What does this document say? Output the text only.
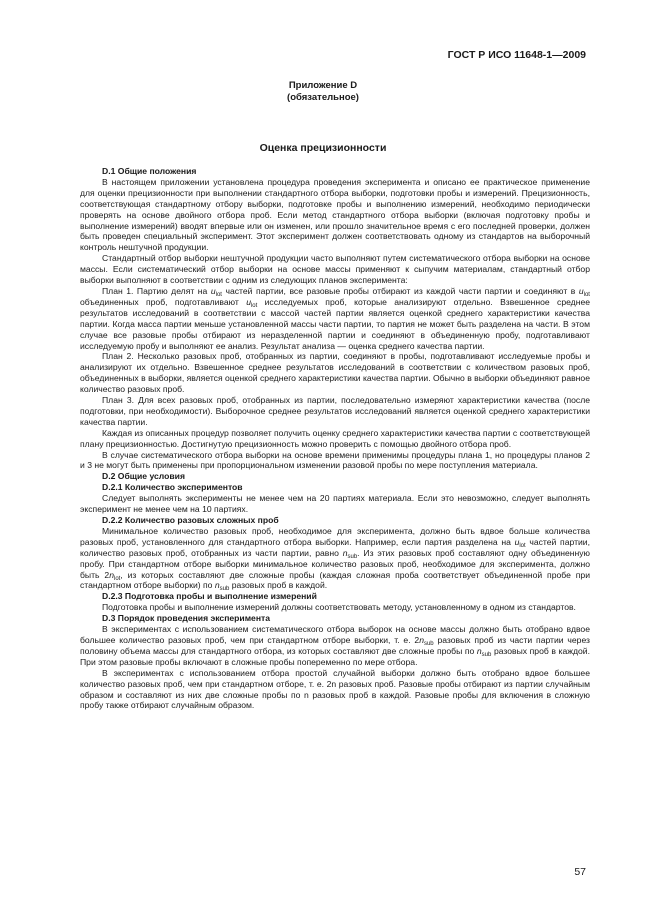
ГОСТ Р ИСО 11648-1—2009
Приложение D
(обязательное)
Оценка прецизионности

D.1 Общие положения

В настоящем приложении установлена процедура проведения эксперимента и описано ее практическое применение для оценки прецизионности при выполнении стандартного отбора выборки, подготовки пробы и измерений. Прецизионность, соответствующая стандартному отбору выборки, подготовке пробы и выполнению измерений, необходимо периодически проверять на основе двойного отбора проб. Если метод стандартного отбора выборки (включая подготовку пробы и выполнение измерений) вводят впервые или он изменен, или прошло значительное время с его последней проверки, должен быть проведен специальный эксперимент. Этот эксперимент должен соответствовать одному из стандартов на выборочный контроль нештучной продукции.

Стандартный отбор выборки нештучной продукции часто выполняют путем систематического отбора выборки на основе массы. Если систематический отбор выборки на основе массы применяют к сыпучим материалам, стандартный отбор выборки выполняют в соответствии с одним из следующих планов эксперимента:

План 1. Партию делят на $u_{lot}$ частей партии, все разовые пробы отбирают из каждой части партии и соединяют в $u_{lot}$ объединенных проб, подготавливают $u_{lot}$ исследуемых проб, которые анализируют отдельно. Взвешенное среднее результатов исследований в соответствии с массой частей партии является оценкой среднего характеристики качества партии. Когда масса партии меньше установленной массы части партии, то партия не может быть разделена на части. В этом случае все разовые пробы отбирают из неразделенной партии и соединяют в объединенную пробу, подготавливают исследуемую пробу и выполняют ее анализ. Результат анализа — оценка среднего качества партии.

План 2. Несколько разовых проб, отобранных из партии, соединяют в пробы, подготавливают исследуемые пробы и анализируют их отдельно. Взвешенное среднее результатов исследований в соответствии с количеством разовых проб, объединенных в выборки, является оценкой среднего характеристики качества партии. Обычно в выборки объединяют равное количество разовых проб.

План 3. Для всех разовых проб, отобранных из партии, последовательно измеряют характеристики качества (после подготовки, при необходимости). Выборочное среднее результатов исследований является оценкой среднего характеристики качества партии.

Каждая из описанных процедур позволяет получить оценку среднего характеристики качества партии с соответствующей плану прецизионностью. Достигнутую прецизионность можно проверить с помощью двойного отбора проб.

В случае систематического отбора выборки на основе времени применимы процедуры плана 1, но процедуры планов 2 и 3 не могут быть применены при пропорциональном изменении разовой пробы по мере поступления материала.

D.2 Общие условия

D.2.1 Количество экспериментов

Следует выполнять эксперименты не менее чем на 20 партиях материала. Если это невозможно, следует выполнять эксперимент не менее чем на 10 партиях.

D.2.2 Количество разовых сложных проб

Минимальное количество разовых проб, необходимое для эксперимента, должно быть вдвое больше количества разовых проб, установленного для стандартного отбора выборки. Например, если партия разделена на $u_{lot}$ частей партии, количество разовых проб, отобранных из части партии, равно $n_{sub}$. Из этих разовых проб составляют одну объединенную пробу. При стандартном отборе выборки минимальное количество разовых проб, необходимое для эксперимента, должно быть $2n_{lot}$, из которых составляют две сложные пробы (каждая сложная проба соответствует объединенной пробе при стандартном отборе выборки) по $n_{sub}$ разовых проб в каждой.

D.2.3 Подготовка пробы и выполнение измерений

Подготовка пробы и выполнение измерений должны соответствовать методу, установленному в одном из стандартов.

D.3 Порядок проведения эксперимента

В экспериментах с использованием систематического отбора выборок на основе массы должно быть отобрано вдвое большее количество разовых проб, чем при стандартном отборе выборки, т. е. $2n_{sub}$ разовых проб из части партии через половину объема массы для стандартного отбора, из которых составляют две сложные пробы по $n_{sub}$ разовых проб в каждой. При этом разовые пробы включают в сложные пробы попеременно по мере отбора.

В экспериментах с использованием отбора простой случайной выборки должно быть отобрано вдвое большее количество разовых проб, чем при стандартном отборе, т. е. 2n разовых проб. Разовые пробы отбирают из партии случайным образом и составляют из них две сложные пробы по n разовых проб в каждой. Разовые пробы для включения в сложную пробу также отбирают случайным образом.

57
